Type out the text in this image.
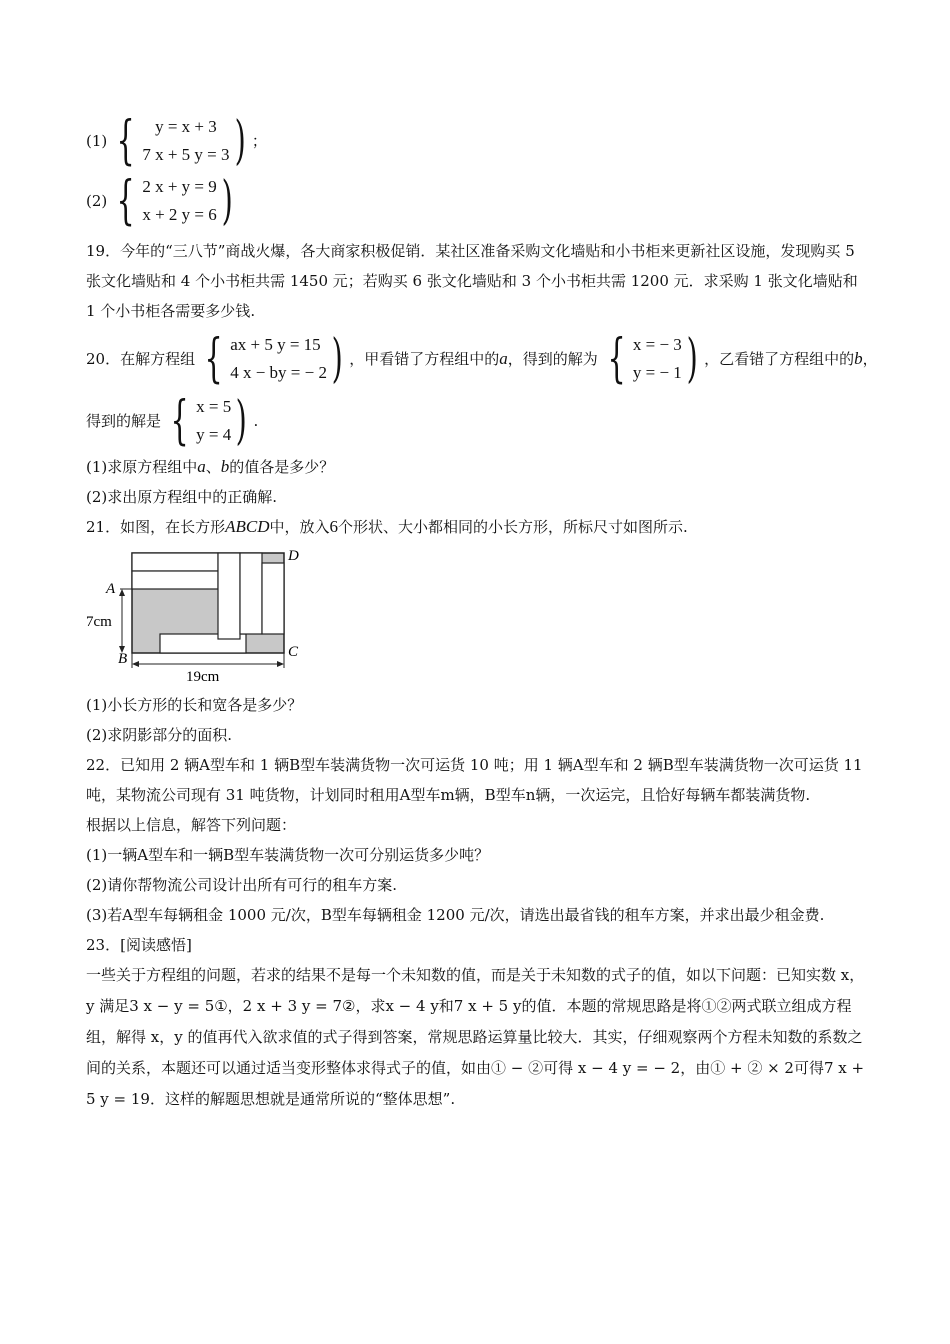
(1) {	y = x + 3
7 x + 5 y = 3 ) ；
(2) { 2 x + y = 9
x + 2 y = 6 )

19．今年的“三八节”商战火爆，各大商家积极促销．某社区准备采购文化墙贴和小书柜来更新社区设施，发现购买 5 张文化墙贴和 4 个小书柜共需 1450 元；若购买 6 张文化墙贴和 3 个小书柜共需 1200 元．求采购 1 张文化墙贴和 1 个小书柜各需要多少钱.

20．在解方程组 { ax + 5 y = 15
4 x − by = − 2 ) ，甲看错了方程组中的 a ，得到的解为 { x = − 3
y = − 1 ) ，乙看错了方程组中的 b ，
得到的解是 { x = 5
y = 4 ) .
(1)求原方程组中a、b的值各是多少？
(2)求出原方程组中的正确解.
21．如图，在长方形ABCD中，放入6个形状、大小都相同的小长方形，所标尺寸如图所示.
A
B	C
D
7cm
19cm
(1)小长方形的长和宽各是多少？
(2)求阴影部分的面积.

22．已知用 2 辆A型车和 1 辆B型车装满货物一次可运货 10 吨；用 1 辆A型车和 2 辆B型车装满货物一次可运货 11 吨，某物流公司现有 31 吨货物，计划同时租用A型车m辆，B型车n辆，一次运完，且恰好每辆车都装满货物.

根据以上信息，解答下列问题：
(1)一辆A型车和一辆B型车装满货物一次可分别运货多少吨？
(2)请你帮物流公司设计出所有可行的租车方案.

(3)若A型车每辆租金 1000 元/次，B型车每辆租金 1200 元/次，请选出最省钱的租车方案，并求出最少租金费.

23．[阅读感悟]

一些关于方程组的问题，若求的结果不是每一个未知数的值，而是关于未知数的式子的值，如以下问题：已知实数 x，y 满足3 x − y = 5①，2 x + 3 y = 7②，求x − 4 y和7 x + 5 y的值．本题的常规思路是将①②两式联立组成方程组，解得 x，y 的值再代入欲求值的式子得到答案，常规思路运算量比较大．其实，仔细观察两个方程未知数的系数之间的关系，本题还可以通过适当变形整体求得式子的值，如由① − ②可得 x − 4 y = − 2，由① + ② × 2可得7 x + 5 y = 19．这样的解题思想就是通常所说的“整体思想”.
